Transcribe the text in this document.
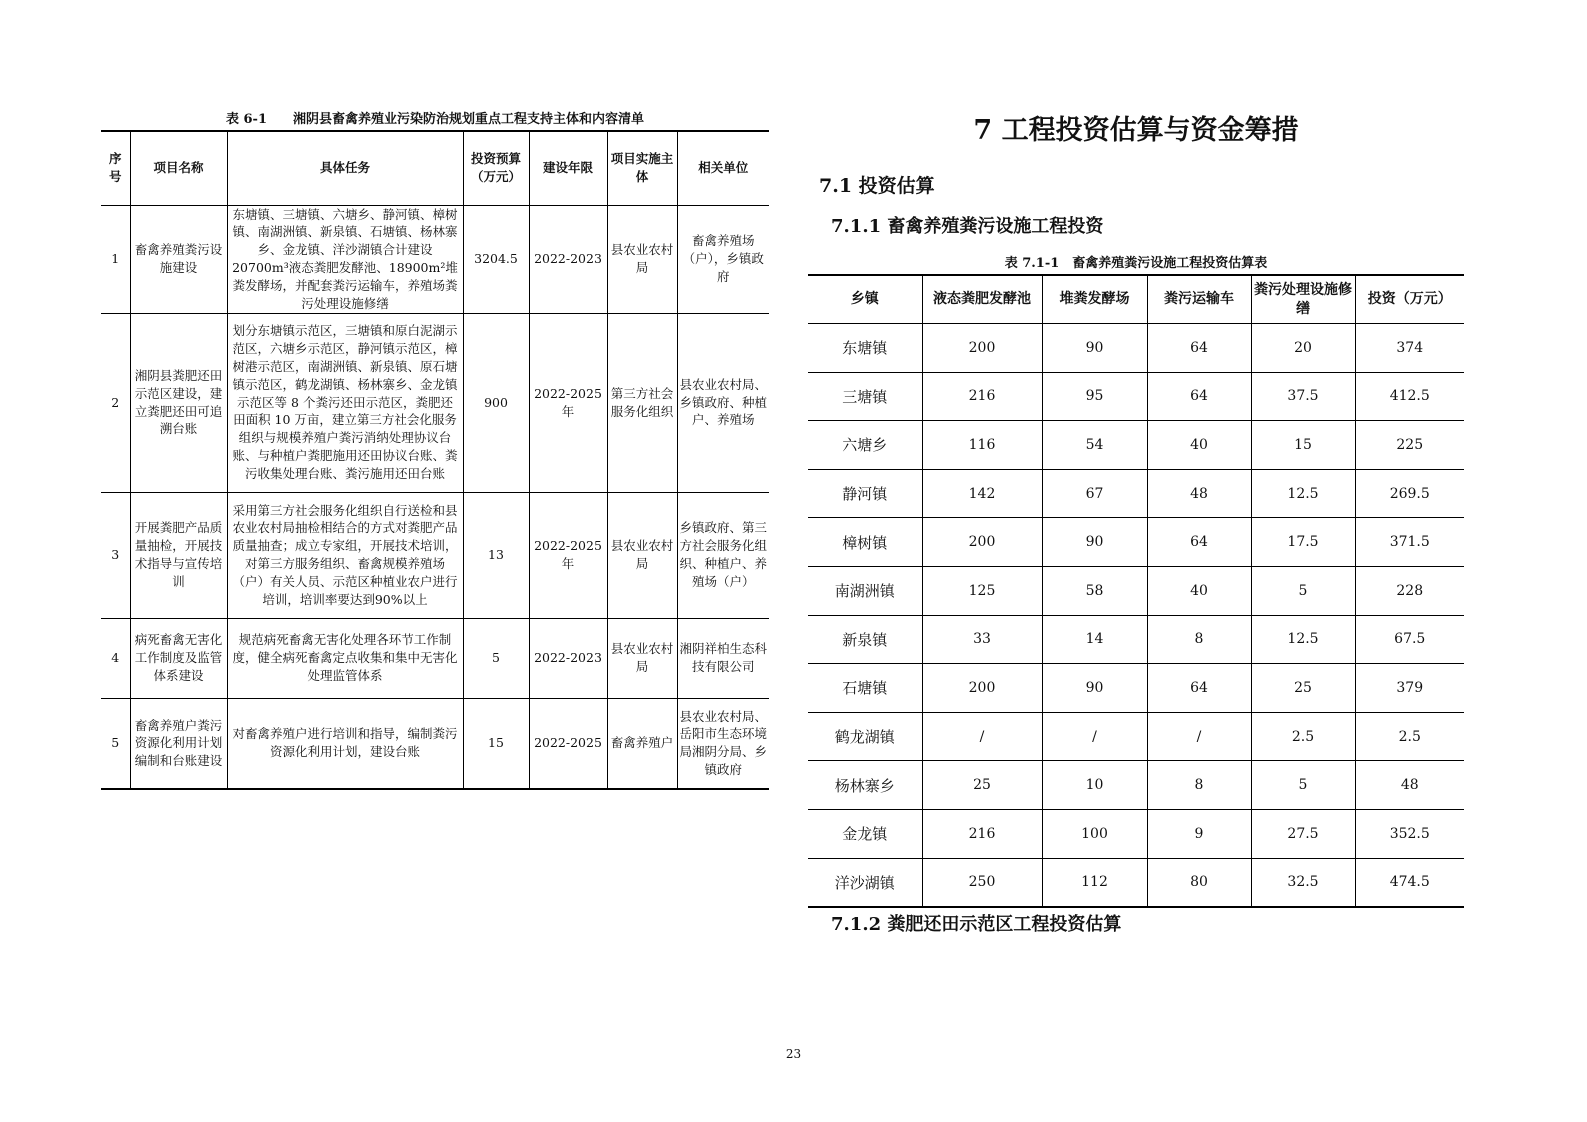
表 6-1　　湘阴县畜禽养殖业污染防治规划重点工程支持主体和内容清单
序号	项目名称	具体任务	投资预算（万元）	建设年限	项目实施主体	相关单位
1	畜禽养殖粪污设施建设	东塘镇、三塘镇、六塘乡、静河镇、樟树镇、南湖洲镇、新泉镇、石塘镇、杨林寨乡、金龙镇、洋沙湖镇合计建设 20700m³液态粪肥发酵池、18900m²堆粪发酵场，并配套粪污运输车，养殖场粪污处理设施修缮	3204.5	2022-2023	县农业农村局	畜禽养殖场（户），乡镇政府
2	湘阴县粪肥还田示范区建设，建立粪肥还田可追溯台账	划分东塘镇示范区，三塘镇和原白泥湖示范区，六塘乡示范区，静河镇示范区，樟树港示范区，南湖洲镇、新泉镇、原石塘镇示范区，鹤龙湖镇、杨林寨乡、金龙镇示范区等 8 个粪污还田示范区，粪肥还田面积 10 万亩，建立第三方社会化服务组织与规模养殖户粪污消纳处理协议台账、与种植户粪肥施用还田协议台账、粪污收集处理台账、粪污施用还田台账	900	2022-2025年	第三方社会服务化组织	县农业农村局、乡镇政府、种植户、养殖场
3	开展粪肥产品质量抽检，开展技术指导与宣传培训	采用第三方社会服务化组织自行送检和县农业农村局抽检相结合的方式对粪肥产品质量抽查；成立专家组，开展技术培训，对第三方服务组织、畜禽规模养殖场（户）有关人员、示范区种植业农户进行培训，培训率要达到90%以上	13	2022-2025年	县农业农村局	乡镇政府、第三方社会服务化组织、种植户、养殖场（户）
4	病死畜禽无害化工作制度及监管体系建设	规范病死畜禽无害化处理各环节工作制度，健全病死畜禽定点收集和集中无害化处理监管体系	5	2022-2023	县农业农村局	湘阴祥柏生态科技有限公司
5	畜禽养殖户粪污资源化利用计划编制和台账建设	对畜禽养殖户进行培训和指导，编制粪污资源化利用计划，建设台账	15	2022-2025	畜禽养殖户	县农业农村局、岳阳市生态环境局湘阴分局、乡镇政府
7 工程投资估算与资金筹措
7.1 投资估算
7.1.1 畜禽养殖粪污设施工程投资
表 7.1-1　畜禽养殖粪污设施工程投资估算表
乡镇	液态粪肥发酵池	堆粪发酵场	粪污运输车	粪污处理设施修缮	投资（万元）
东塘镇	200	90	64	20	374
三塘镇	216	95	64	37.5	412.5
六塘乡	116	54	40	15	225
静河镇	142	67	48	12.5	269.5
樟树镇	200	90	64	17.5	371.5
南湖洲镇	125	58	40	5	228
新泉镇	33	14	8	12.5	67.5
石塘镇	200	90	64	25	379
鹤龙湖镇	/	/	/	2.5	2.5
杨林寨乡	25	10	8	5	48
金龙镇	216	100	9	27.5	352.5
洋沙湖镇	250	112	80	32.5	474.5
7.1.2 粪肥还田示范区工程投资估算
23
